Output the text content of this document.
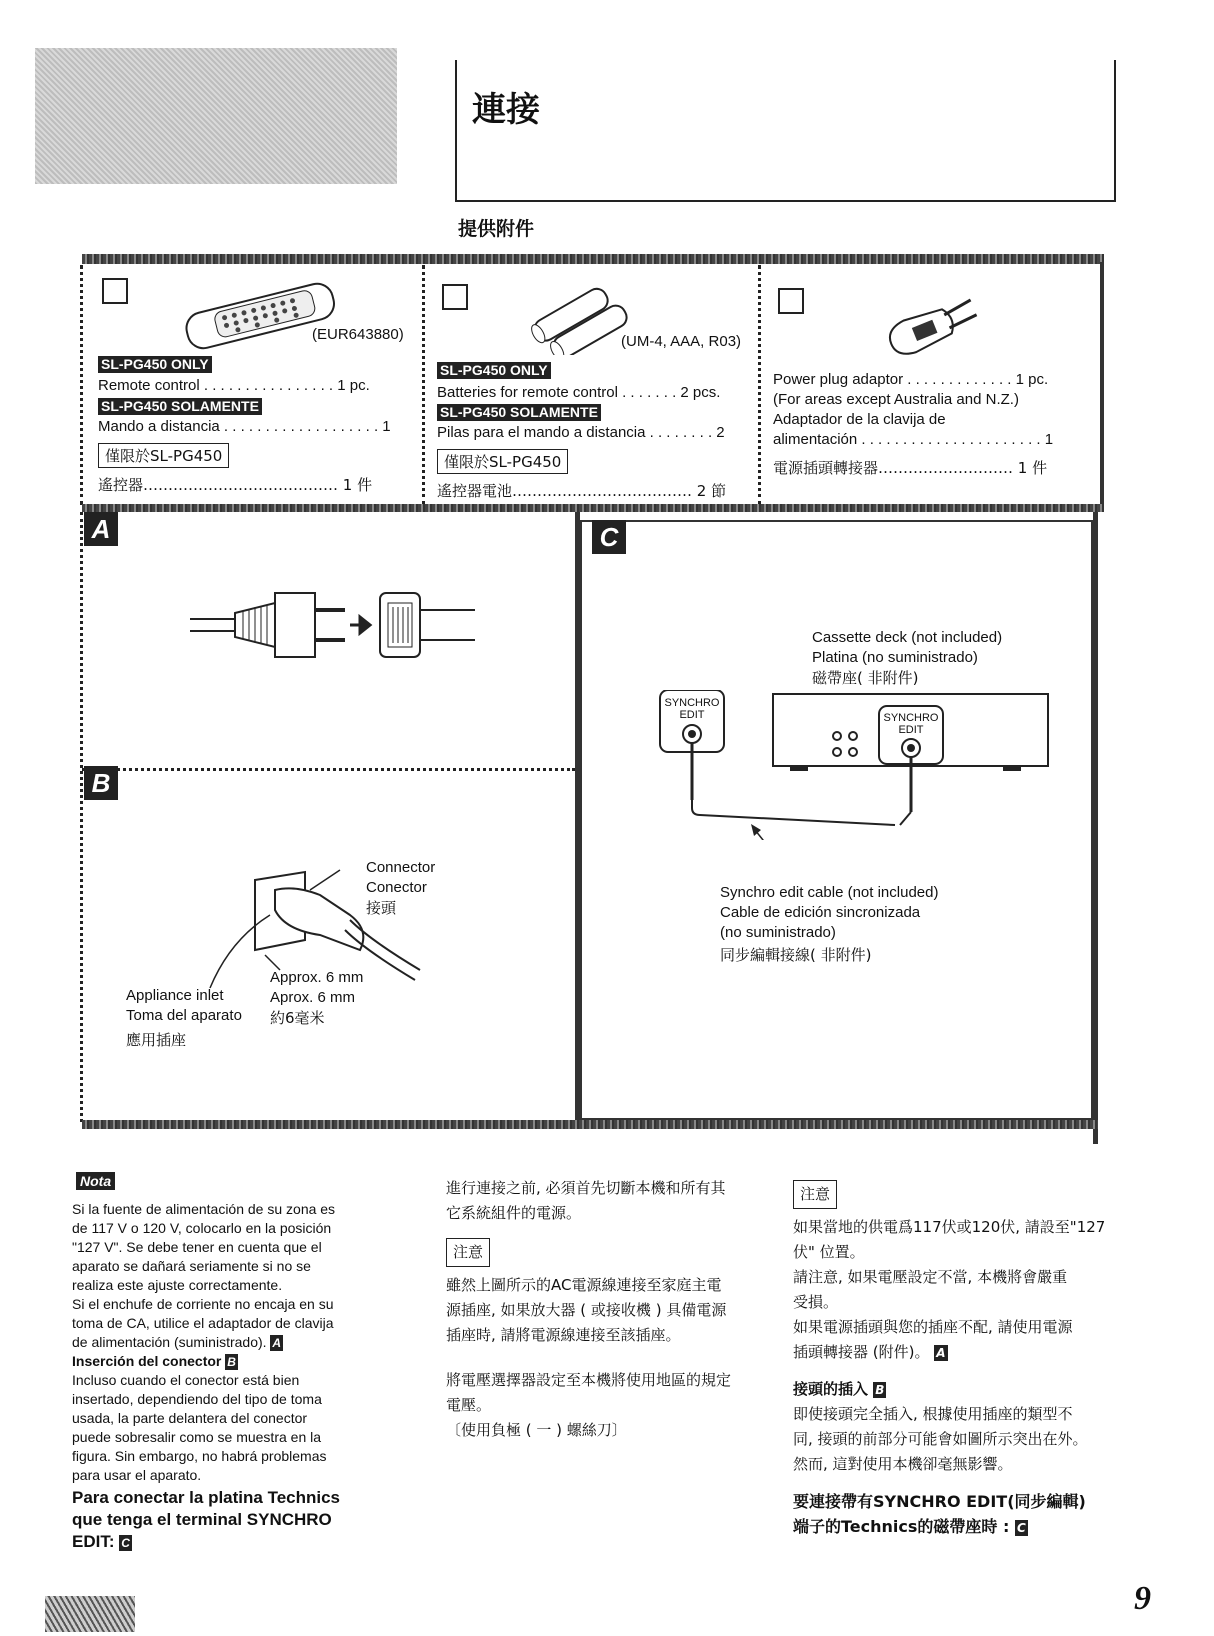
連接
提供附件
(EUR643880)
SL-PG450 ONLY
Remote control . . . . . . . . . . . . . . . . 1 pc.
SL-PG450 SOLAMENTE
Mando a distancia . . . . . . . . . . . . . . . . . . . 1
僅限於SL-PG450
遙控器………………………………… 1 件
(UM-4, AAA, R03)
SL-PG450 ONLY
Batteries for remote control . . . . . . . 2 pcs.
SL-PG450 SOLAMENTE
Pilas para el mando a distancia . . . . . . . . 2
僅限於SL-PG450
遙控器電池……………………………… 2 節
Power plug adaptor . . . . . . . . . . . . . 1 pc.
(For areas except Australia and N.Z.)
Adaptador de la clavija de
alimentación . . . . . . . . . . . . . . . . . . . . . . 1
電源插頭轉接器……………………… 1 件
A
B
C
Connector
Conector
接頭
Approx. 6 mm
Aprox. 6 mm
約6毫米
Appliance inlet
Toma del aparato
應用插座
Cassette deck (not included)
Platina (no suministrado)
磁帶座( 非附件)
SYNCHRO
EDIT	SYNCHRO
EDIT
Synchro edit cable (not included)
Cable de edición sincronizada
(no suministrado)
同步編輯接線( 非附件)
Nota
Si la fuente de alimentación de su zona es
de 117 V o 120 V, colocarlo en la posición
"127 V". Se debe tener en cuenta que el
aparato se dañará seriamente si no se
realiza este ajuste correctamente.
Si el enchufe de corriente no encaja en su
toma de CA, utilice el adaptador de clavija
de alimentación (suministrado). A
Inserción del conector B
Incluso cuando el conector está bien
insertado, dependiendo del tipo de toma
usada, la parte delantera del conector
puede sobresalir como se muestra en la
figura. Sin embargo, no habrá problemas
para usar el aparato.
Para conectar la platina Technics
que tenga el terminal SYNCHRO
EDIT: C
進行連接之前, 必須首先切斷本機和所有其
它系統組件的電源。
注意
雖然上圖所示的AC電源線連接至家庭主電
源插座, 如果放大器 ( 或接收機 ) 具備電源
插座時, 請將電源線連接至該插座。
將電壓選擇器設定至本機將使用地區的規定
電壓。
〔使用負極 ( 一 ) 螺絲刀〕
注意
如果當地的供電爲117伏或120伏, 請設至"127
伏" 位置。
請注意, 如果電壓設定不當, 本機將會嚴重
受損。
如果電源插頭與您的插座不配, 請使用電源
插頭轉接器 (附件)。 A
接頭的插入 B
即使接頭完全插入, 根據使用插座的類型不
同, 接頭的前部分可能會如圖所示突出在外。
然而, 這對使用本機卻毫無影響。
要連接帶有SYNCHRO EDIT(同步編輯)
端子的Technics的磁帶座時 : C
9
